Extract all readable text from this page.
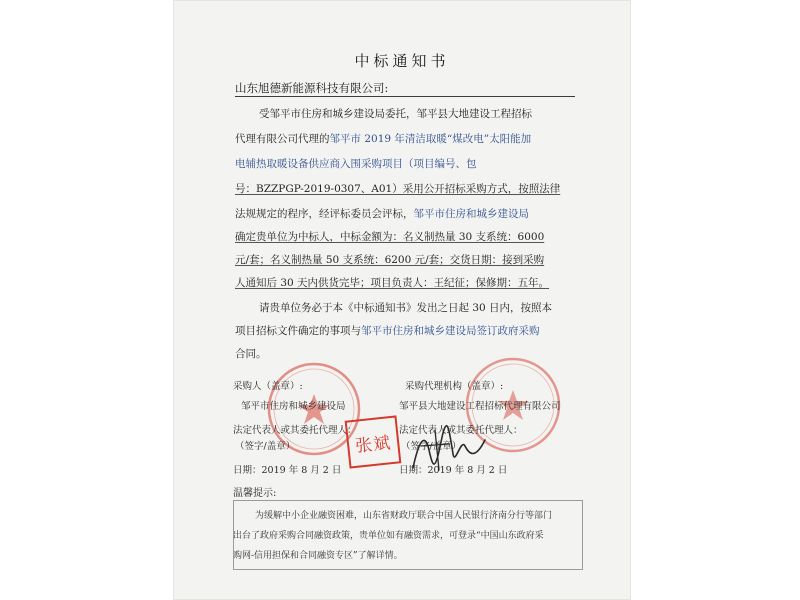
中标通知书
山东旭德新能源科技有限公司:
受邹平市住房和城乡建设局委托，邹平县大地建设工程招标
代理有限公司代理的邹平市 2019 年清洁取暖“煤改电”太阳能加
电辅热取暖设备供应商入围采购项目（项目编号、包
号：BZZPGP-2019-0307、A01）采用公开招标采购方式，按照法律
法规规定的程序，经评标委员会评标，邹平市住房和城乡建设局
确定贵单位为中标人，中标金额为：名义制热量 30 支系统：6000
元/套；名义制热量 50 支系统：6200 元/套；交货日期：接到采购
人通知后 30 天内供货完毕；项目负责人：王纪征；保修期：五年。
请贵单位务必于本《中标通知书》发出之日起 30 日内，按照本
项目招标文件确定的事项与邹平市住房和城乡建设局签订政府采购
合同。
采购人（盖章）:
邹平市住房和城乡建设局
法定代表人或其委托代理人：
（签字/盖章）
日期：2019 年 8 月 2 日
张斌
采购代理机构（盖章）:
邹平县大地建设工程招标代理有限公司
法定代表人或其委托代理人：
（签字/盖章）
日期：2019 年 8 月 2 日
温馨提示:
为缓解中小企业融资困难，山东省财政厅联合中国人民银行济南分行等部门
出台了政府采购合同融资政策，贵单位如有融资需求，可登录“中国山东政府采
购网-信用担保和合同融资专区”了解详情。
